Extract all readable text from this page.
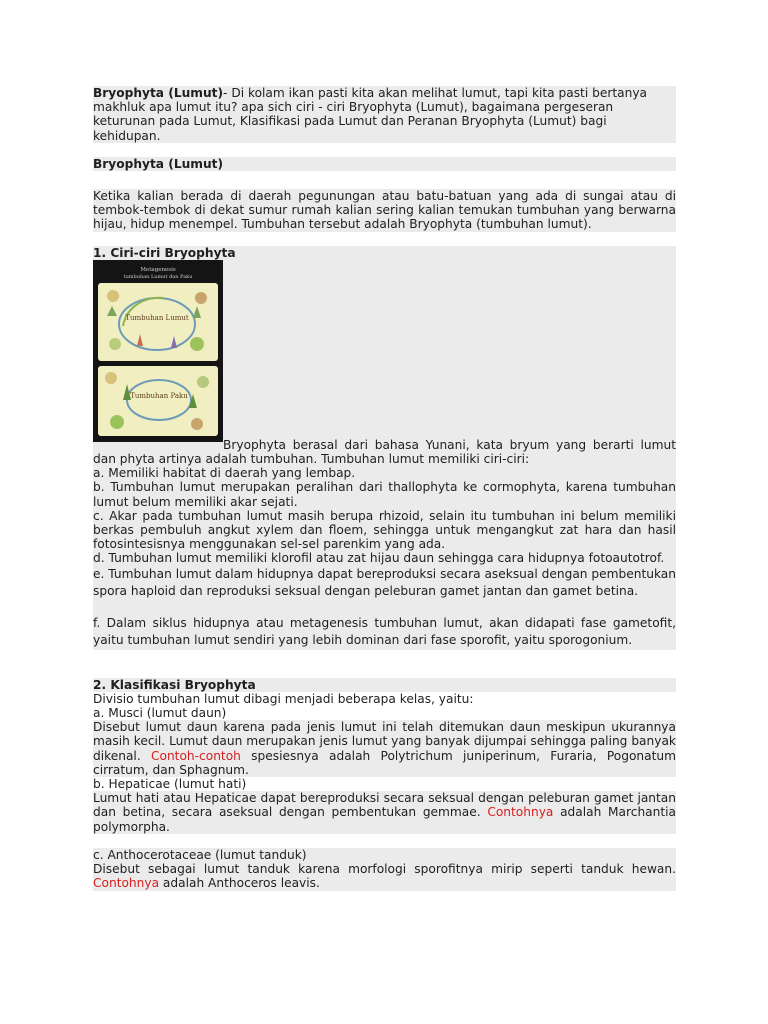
Bryophyta (Lumut)- Di kolam ikan pasti kita akan melihat lumut, tapi kita pasti bertanya makhluk apa lumut itu? apa sich ciri - ciri Bryophyta (Lumut), bagaimana pergeseran keturunan pada Lumut, Klasifikasi pada Lumut dan Peranan Bryophyta (Lumut) bagi kehidupan.

Bryophyta (Lumut)

Ketika kalian berada di daerah pegunungan atau batu-batuan yang ada di sungai atau di tembok-tembok di dekat sumur rumah kalian sering kalian temukan tumbuhan yang berwarna hijau, hidup menempel. Tumbuhan tersebut adalah Bryophyta (tumbuhan lumut).

1. Ciri-ciri Bryophyta

Metagenesis
tumbuhan Lumut dan Paku
Tumbuhan Lumut
Tumbuhan Paku

Bryophyta berasal dari bahasa Yunani, kata bryum yang berarti lumut dan phyta artinya adalah tumbuhan. Tumbuhan lumut memiliki ciri-ciri:

a. Memiliki habitat di daerah yang lembap.

b. Tumbuhan lumut merupakan peralihan dari thallophyta ke cormophyta, karena tumbuhan lumut belum memiliki akar sejati.

c. Akar pada tumbuhan lumut masih berupa rhizoid, selain itu tumbuhan ini belum memiliki berkas pembuluh angkut xylem dan floem, sehingga untuk mengangkut zat hara dan hasil fotosintesisnya menggunakan sel-sel parenkim yang ada.

d. Tumbuhan lumut memiliki klorofil atau zat hijau daun sehingga cara hidupnya fotoautotrof.

e. Tumbuhan lumut dalam hidupnya dapat bereproduksi secara aseksual dengan pembentukan spora haploid dan reproduksi seksual dengan peleburan gamet jantan dan gamet betina.

f. Dalam siklus hidupnya atau metagenesis tumbuhan lumut, akan didapati fase gametofit, yaitu tumbuhan lumut sendiri yang lebih dominan dari fase sporofit, yaitu sporogonium.

2. Klasifikasi Bryophyta

Divisio tumbuhan lumut dibagi menjadi beberapa kelas, yaitu:

a. Musci (lumut daun)

Disebut lumut daun karena pada jenis lumut ini telah ditemukan daun meskipun ukurannya masih kecil. Lumut daun merupakan jenis lumut yang banyak dijumpai sehingga paling banyak dikenal. Contoh-contoh spesiesnya adalah Polytrichum juniperinum, Furaria, Pogonatum cirratum, dan Sphagnum.

b. Hepaticae (lumut hati)

Lumut hati atau Hepaticae dapat bereproduksi secara seksual dengan peleburan gamet jantan dan betina, secara aseksual dengan pembentukan gemmae. Contohnya adalah Marchantia polymorpha.

c. Anthocerotaceae (lumut tanduk)

Disebut sebagai lumut tanduk karena morfologi sporofitnya mirip seperti tanduk hewan. Contohnya adalah Anthoceros leavis.
